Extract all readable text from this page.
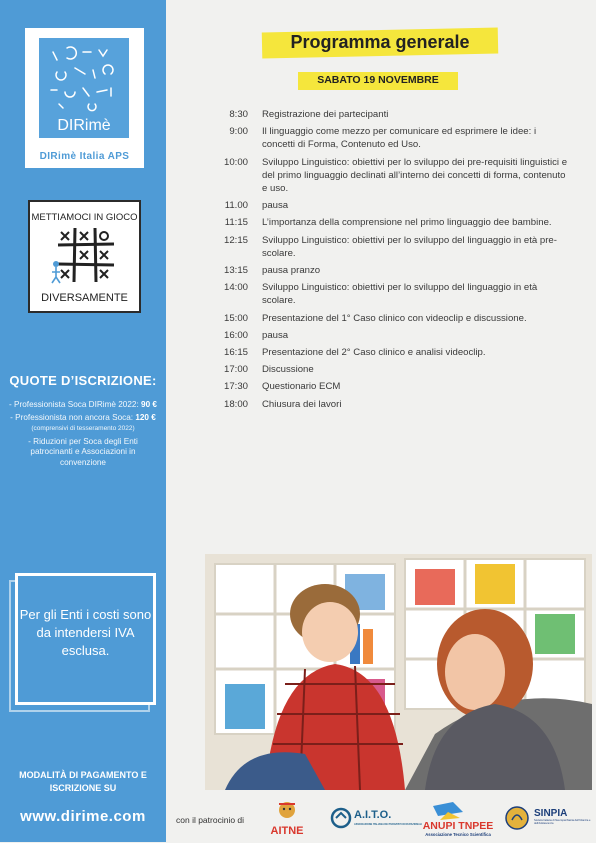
DIRimè
DIRimè Italia APS
METTIAMOCI IN GIOCO
DIVERSAMENTE
QUOTE D’ISCRIZIONE:
- Professionista Soca DIRimè 2022: 90 €
- Professionista non ancora Soca: 120 € (comprensivi di tesseramento 2022)
- Riduzioni per Soca degli Enti patrocinanti e Associazioni in convenzione
Per gli Enti i costi sono da intendersi IVA esclusa.
MODALITÀ DI PAGAMENTO E ISCRIZIONE SU
www.dirime.com
Programma generale
SABATO 19 NOVEMBRE
8:30	Registrazione dei partecipanti
9:00	Il linguaggio come mezzo per comunicare ed esprimere le idee: i concetti di Forma, Contenuto ed Uso.
10:00	Sviluppo Linguistico: obiettivi per lo sviluppo dei pre-requisiti linguistici e del primo linguaggio declinati all’interno dei concetti di forma, contenuto e uso.
11.00	pausa
11:15	L’importanza della comprensione nel primo linguaggio dee bambine.
12:15	Sviluppo Linguistico: obiettivi per lo sviluppo del linguaggio in età pre-scolare.
13:15	pausa pranzo
14:00	Sviluppo Linguistico: obiettivi per lo sviluppo del linguaggio in età scolare.
15:00	Presentazione del 1° Caso clinico con videoclip e discussione.
16:00	pausa
16:15	Presentazione del 2° Caso clinico e analisi videoclip.
17:00	Discussione
17:30	Questionario ECM
18:00	Chiusura dei lavori
con il patrocinio di
AITNE
A.I.T.O.
ASSOCIAZIONE ITALIANA DEI TERAPISTI OCCUPAZIONALI ANUPI TNPEE
Associazione Tecnico Scientifica
SINPIA
Società Italiana di Neuropsichiatria dell'Infanzia e dell'Adolescenza
